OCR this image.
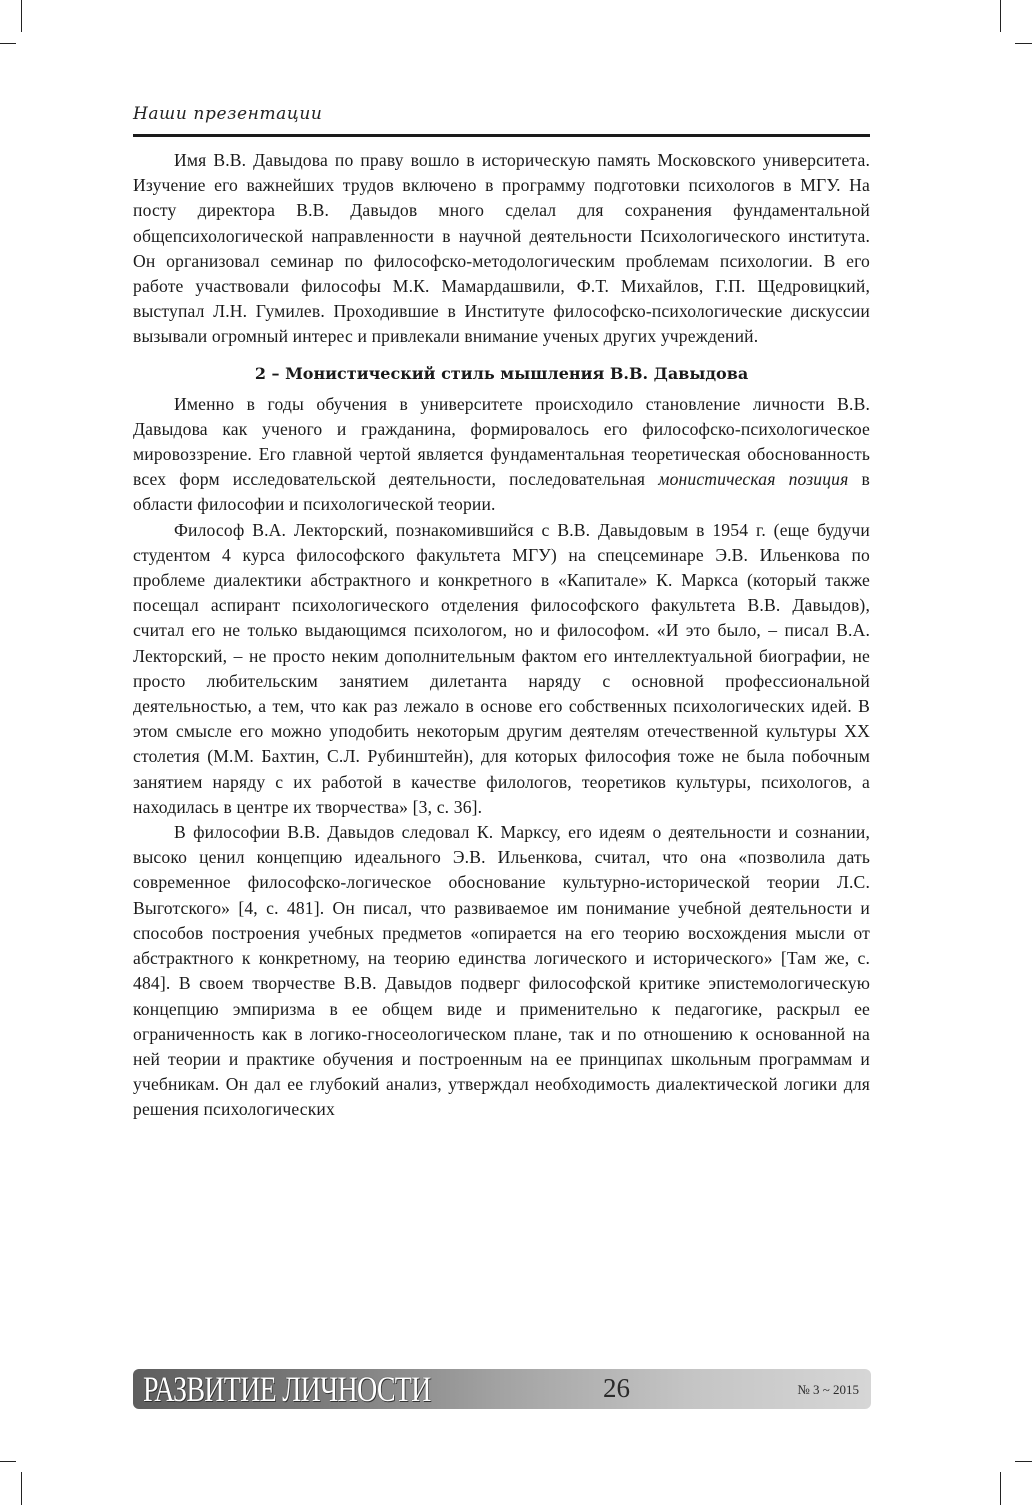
Наши презентации

Имя В.В. Давыдова по праву вошло в историческую память Московского университета. Изучение его важнейших трудов включено в программу подготовки психологов в МГУ. На посту директора В.В. Давыдов много сделал для сохранения фундаментальной общепсихологической направленности в научной деятельности Психологического института. Он организовал семинар по философско-методологическим проблемам психологии. В его работе участвовали философы М.К. Мамардашвили, Ф.Т. Михайлов, Г.П. Щедровицкий, выступал Л.Н. Гумилев. Проходившие в Институте философско-психологические дискуссии вызывали огромный интерес и привлекали внимание ученых других учреждений.

2 – Монистический стиль мышления В.В. Давыдова

Именно в годы обучения в университете происходило становление личности В.В. Давыдова как ученого и гражданина, формировалось его философско-психологическое мировоззрение. Его главной чертой является фундаментальная теоретическая обоснованность всех форм исследовательской деятельности, последовательная монистическая позиция в области философии и психологической теории.

Философ В.А. Лекторский, познакомившийся с В.В. Давыдовым в 1954 г. (еще будучи студентом 4 курса философского факультета МГУ) на спецсеминаре Э.В. Ильенкова по проблеме диалектики абстрактного и конкретного в «Капитале» К. Маркса (который также посещал аспирант психологического отделения философского факультета В.В. Давыдов), считал его не только выдающимся психологом, но и философом. «И это было, – писал В.А. Лекторский, – не просто неким дополнительным фактом его интеллектуальной биографии, не просто любительским занятием дилетанта наряду с основной профессиональной деятельностью, а тем, что как раз лежало в основе его собственных психологических идей. В этом смысле его можно уподобить некоторым другим деятелям отечественной культуры XX столетия (М.М. Бахтин, С.Л. Рубинштейн), для которых философия тоже не была побочным занятием наряду с их работой в качестве филологов, теоретиков культуры, психологов, а находилась в центре их творчества» [3, с. 36].

В философии В.В. Давыдов следовал К. Марксу, его идеям о деятельности и сознании, высоко ценил концепцию идеального Э.В. Ильенкова, считал, что она «позволила дать современное философско-логическое обоснование культурно-исторической теории Л.С. Выготского» [4, с. 481]. Он писал, что развиваемое им понимание учебной деятельности и способов построения учебных предметов «опирается на его теорию восхождения мысли от абстрактного к конкретному, на теорию единства логического и исторического» [Там же, с. 484]. В своем творчестве В.В. Давыдов подверг философской критике эпистемологическую концепцию эмпиризма в ее общем виде и применительно к педагогике, раскрыл ее ограниченность как в логико-гносеологическом плане, так и по отношению к основанной на ней теории и практике обучения и построенным на ее принципах школьным программам и учебникам. Он дал ее глубокий анализ, утверждал необходимость диалектической логики для решения психологических

РАЗВИТИЕ ЛИЧНОСТИ	26	№ 3 ~ 2015
